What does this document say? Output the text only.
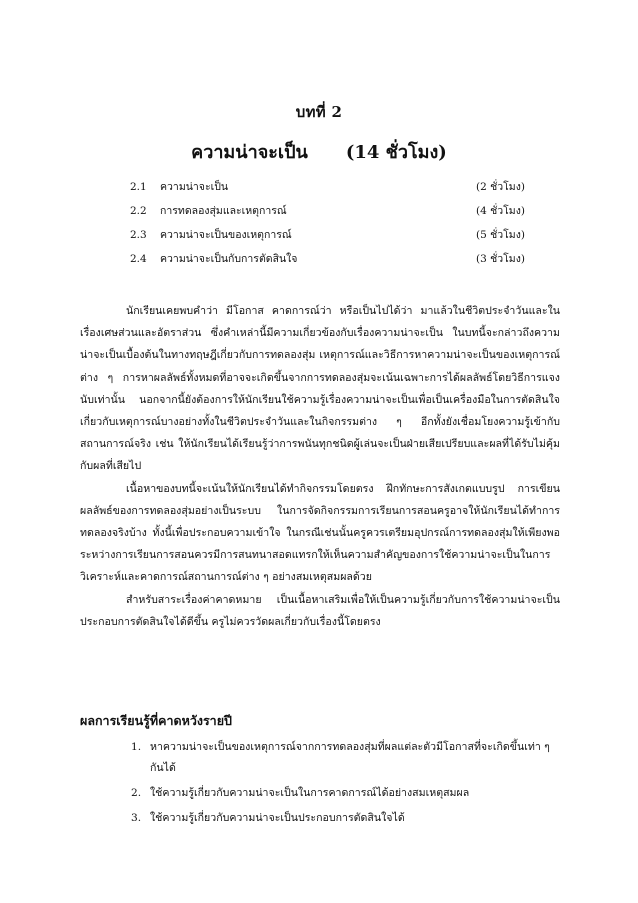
บทที่ 2
ความน่าจะเป็น (14 ชั่วโมง)
2.1	ความน่าจะเป็น	(2 ชั่วโมง)
2.2	การทดลองสุ่มและเหตุการณ์	(4 ชั่วโมง)
2.3	ความน่าจะเป็นของเหตุการณ์	(5 ชั่วโมง)
2.4	ความน่าจะเป็นกับการตัดสินใจ	(3 ชั่วโมง)

นักเรียนเคยพบคำว่า มีโอกาส คาดการณ์ว่า หรือเป็นไปได้ว่า มาแล้วในชีวิตประจำวันและในเรื่องเศษส่วนและอัตราส่วน ซึ่งคำเหล่านี้มีความเกี่ยวข้องกับเรื่องความน่าจะเป็น ในบทนี้จะกล่าวถึงความน่าจะเป็นเบื้องต้นในทางทฤษฎีเกี่ยวกับการทดลองสุ่ม เหตุการณ์และวิธีการหาความน่าจะเป็นของเหตุการณ์ต่าง ๆ การหาผลลัพธ์ทั้งหมดที่อาจจะเกิดขึ้นจากการทดลองสุ่มจะเน้นเฉพาะการได้ผลลัพธ์โดยวิธีการแจงนับเท่านั้น นอกจากนี้ยังต้องการให้นักเรียนใช้ความรู้เรื่องความน่าจะเป็นเพื่อเป็นเครื่องมือในการตัดสินใจเกี่ยวกับเหตุการณ์บางอย่างทั้งในชีวิตประจำวันและในกิจกรรมต่าง ๆ อีกทั้งยังเชื่อมโยงความรู้เข้ากับสถานการณ์จริง เช่น ให้นักเรียนได้เรียนรู้ว่าการพนันทุกชนิดผู้เล่นจะเป็นฝ่ายเสียเปรียบและผลที่ได้รับไม่คุ้มกับผลที่เสียไป

เนื้อหาของบทนี้จะเน้นให้นักเรียนได้ทำกิจกรรมโดยตรง ฝึกทักษะการสังเกตแบบรูป การเขียนผลลัพธ์ของการทดลองสุ่มอย่างเป็นระบบ ในการจัดกิจกรรมการเรียนการสอนครูอาจให้นักเรียนได้ทำการทดลองจริงบ้าง ทั้งนี้เพื่อประกอบความเข้าใจ ในกรณีเช่นนั้นครูควรเตรียมอุปกรณ์การทดลองสุ่มให้เพียงพอ ระหว่างการเรียนการสอนควรมีการสนทนาสอดแทรกให้เห็นความสำคัญของการใช้ความน่าจะเป็นในการวิเคราะห์และคาดการณ์สถานการณ์ต่าง ๆ อย่างสมเหตุสมผลด้วย

สำหรับสาระเรื่องค่าคาดหมาย เป็นเนื้อหาเสริมเพื่อให้เป็นความรู้เกี่ยวกับการใช้ความน่าจะเป็นประกอบการตัดสินใจได้ดีขึ้น ครูไม่ควรวัดผลเกี่ยวกับเรื่องนี้โดยตรง

ผลการเรียนรู้ที่คาดหวังรายปี
1. หาความน่าจะเป็นของเหตุการณ์จากการทดลองสุ่มที่ผลแต่ละตัวมีโอกาสที่จะเกิดขึ้นเท่า ๆ กันได้
2. ใช้ความรู้เกี่ยวกับความน่าจะเป็นในการคาดการณ์ได้อย่างสมเหตุสมผล
3. ใช้ความรู้เกี่ยวกับความน่าจะเป็นประกอบการตัดสินใจได้
